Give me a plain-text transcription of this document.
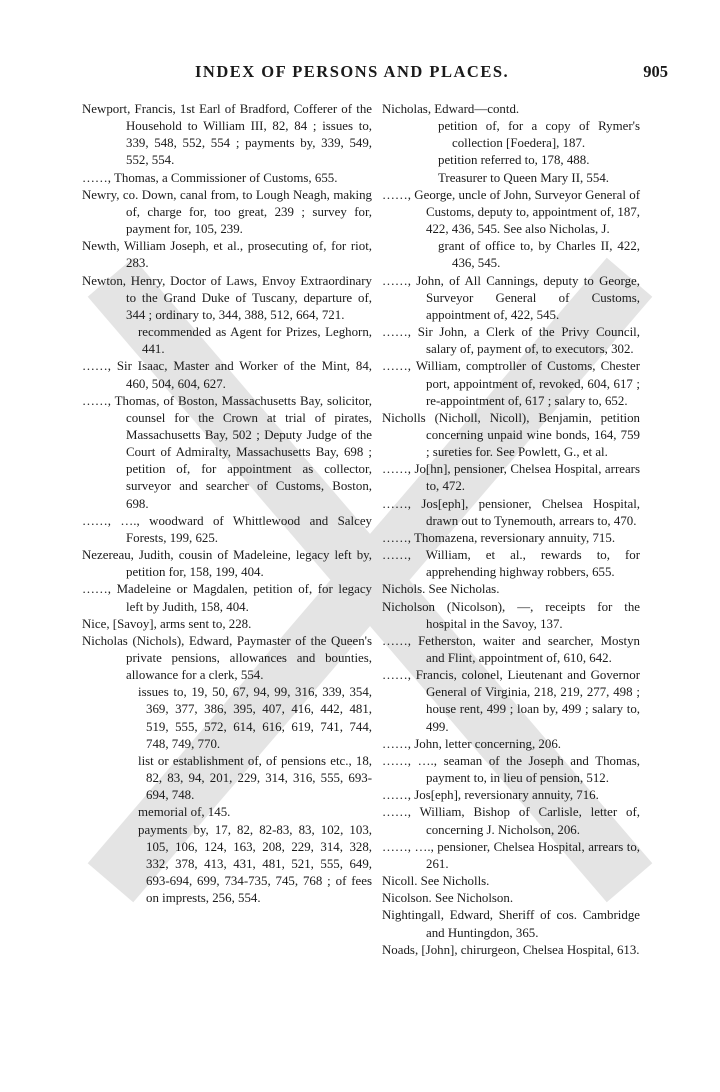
INDEX OF PERSONS AND PLACES.	905

Newport, Francis, 1st Earl of Bradford, Cofferer of the Household to William III, 82, 84 ; issues to, 339, 548, 552, 554 ; payments by, 339, 549, 552, 554.

……, Thomas, a Commissioner of Customs, 655.

Newry, co. Down, canal from, to Lough Neagh, making of, charge for, too great, 239 ; survey for, payment for, 105, 239.

Newth, William Joseph, et al., prosecuting of, for riot, 283.

Newton, Henry, Doctor of Laws, Envoy Extraordinary to the Grand Duke of Tuscany, departure of, 344 ; ordinary to, 344, 388, 512, 664, 721.

recommended as Agent for Prizes, Leghorn, 441.

……, Sir Isaac, Master and Worker of the Mint, 84, 460, 504, 604, 627.

……, Thomas, of Boston, Massachusetts Bay, solicitor, counsel for the Crown at trial of pirates, Massachusetts Bay, 502 ; Deputy Judge of the Court of Admiralty, Massachusetts Bay, 698 ; petition of, for appointment as collector, surveyor and searcher of Customs, Boston, 698.

……, …., woodward of Whittlewood and Salcey Forests, 199, 625.

Nezereau, Judith, cousin of Madeleine, legacy left by, petition for, 158, 199, 404.

……, Madeleine or Magdalen, petition of, for legacy left by Judith, 158, 404.

Nice, [Savoy], arms sent to, 228.

Nicholas (Nichols), Edward, Paymaster of the Queen's private pensions, allowances and bounties, allowance for a clerk, 554.

issues to, 19, 50, 67, 94, 99, 316, 339, 354, 369, 377, 386, 395, 407, 416, 442, 481, 519, 555, 572, 614, 616, 619, 741, 744, 748, 749, 770.

list or establishment of, of pensions etc., 18, 82, 83, 94, 201, 229, 314, 316, 555, 693-694, 748.

memorial of, 145.

payments by, 17, 82, 82-83, 83, 102, 103, 105, 106, 124, 163, 208, 229, 314, 328, 332, 378, 413, 431, 481, 521, 555, 649, 693-694, 699, 734-735, 745, 768 ; of fees on imprests, 256, 554.

Nicholas, Edward—contd.

petition of, for a copy of Rymer's collection [Foedera], 187.

petition referred to, 178, 488.

Treasurer to Queen Mary II, 554.

……, George, uncle of John, Surveyor General of Customs, deputy to, appointment of, 187, 422, 436, 545. See also Nicholas, J.

grant of office to, by Charles II, 422, 436, 545.

……, John, of All Cannings, deputy to George, Surveyor General of Customs, appointment of, 422, 545.

……, Sir John, a Clerk of the Privy Council, salary of, payment of, to executors, 302.

……, William, comptroller of Customs, Chester port, appointment of, revoked, 604, 617 ; re-appointment of, 617 ; salary to, 652.

Nicholls (Nicholl, Nicoll), Benjamin, petition concerning unpaid wine bonds, 164, 759 ; sureties for. See Powlett, G., et al.

……, Jo[hn], pensioner, Chelsea Hospital, arrears to, 472.

……, Jos[eph], pensioner, Chelsea Hospital, drawn out to Tynemouth, arrears to, 470.

……, Thomazena, reversionary annuity, 715.

……, William, et al., rewards to, for apprehending highway robbers, 655.

Nichols. See Nicholas.

Nicholson (Nicolson), —, receipts for the hospital in the Savoy, 137.

……, Fetherston, waiter and searcher, Mostyn and Flint, appointment of, 610, 642.

……, Francis, colonel, Lieutenant and Governor General of Virginia, 218, 219, 277, 498 ; house rent, 499 ; loan by, 499 ; salary to, 499.

……, John, letter concerning, 206.

……, …., seaman of the Joseph and Thomas, payment to, in lieu of pension, 512.

……, Jos[eph], reversionary annuity, 716.

……, William, Bishop of Carlisle, letter of, concerning J. Nicholson, 206.

……, …., pensioner, Chelsea Hospital, arrears to, 261.

Nicoll. See Nicholls.

Nicolson. See Nicholson.

Nightingall, Edward, Sheriff of cos. Cambridge and Huntingdon, 365.

Noads, [John], chirurgeon, Chelsea Hospital, 613.
